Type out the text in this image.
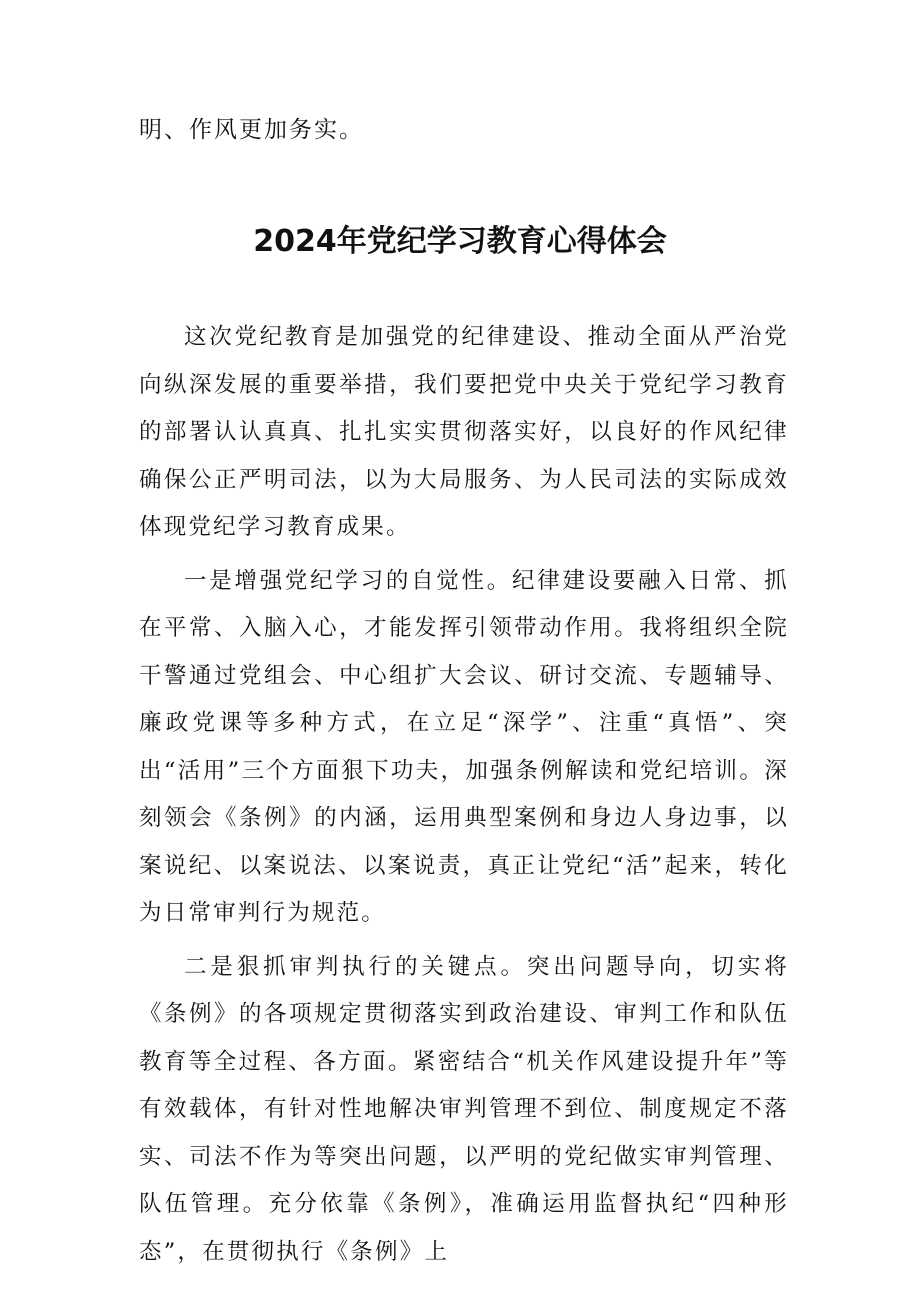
明、作风更加务实。

2024年党纪学习教育心得体会

这次党纪教育是加强党的纪律建设、推动全面从严治党向纵深发展的重要举措，我们要把党中央关于党纪学习教育的部署认认真真、扎扎实实贯彻落实好，以良好的作风纪律确保公正严明司法，以为大局服务、为人民司法的实际成效体现党纪学习教育成果。

一是增强党纪学习的自觉性。纪律建设要融入日常、抓在平常、入脑入心，才能发挥引领带动作用。我将组织全院干警通过党组会、中心组扩大会议、研讨交流、专题辅导、廉政党课等多种方式，在立足“深学”、注重“真悟”、突出“活用”三个方面狠下功夫，加强条例解读和党纪培训。深刻领会《条例》的内涵，运用典型案例和身边人身边事，以案说纪、以案说法、以案说责，真正让党纪“活”起来，转化为日常审判行为规范。

二是狠抓审判执行的关键点。突出问题导向，切实将《条例》的各项规定贯彻落实到政治建设、审判工作和队伍教育等全过程、各方面。紧密结合“机关作风建设提升年”等有效载体，有针对性地解决审判管理不到位、制度规定不落实、司法不作为等突出问题，以严明的党纪做实审判管理、队伍管理。充分依靠《条例》，准确运用监督执纪“四种形态”，在贯彻执行《条例》上
